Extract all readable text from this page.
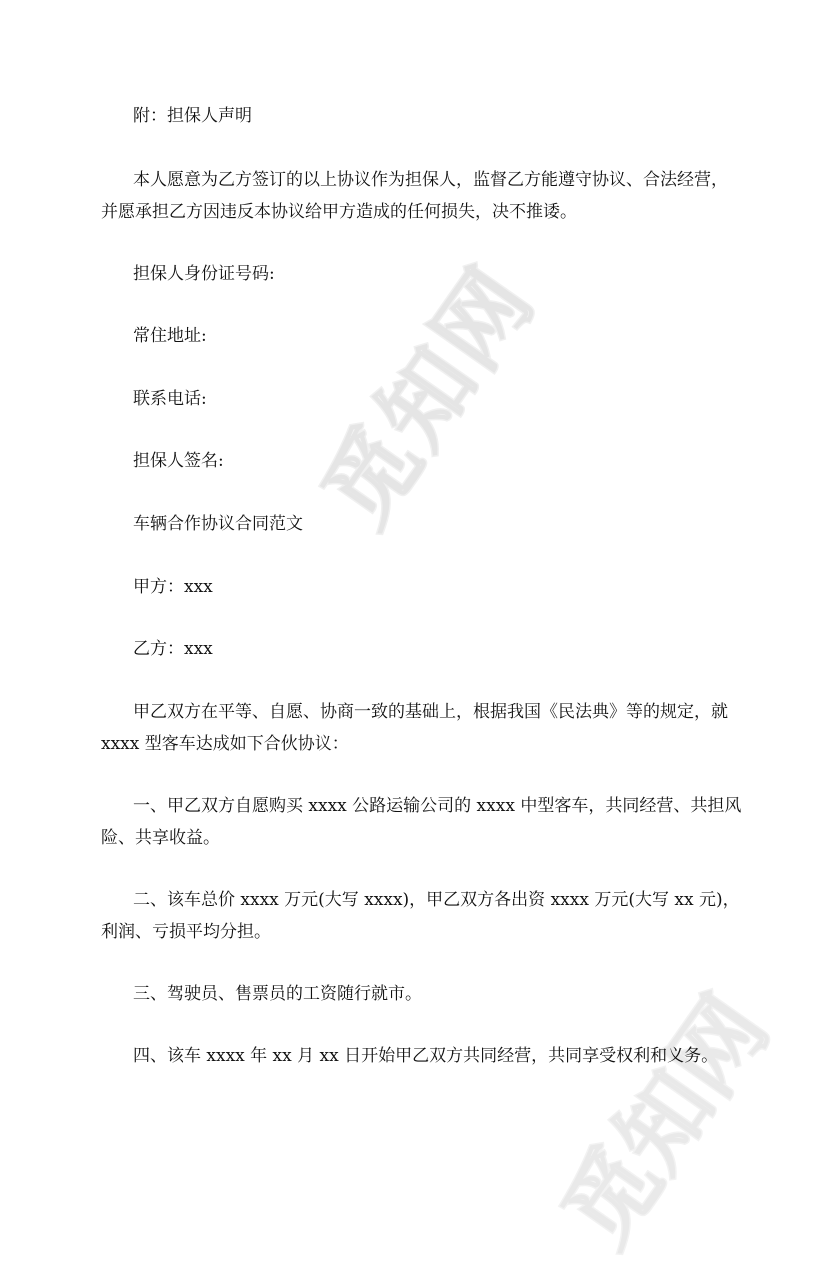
觅知网
觅知网
附：担保人声明
本人愿意为乙方签订的以上协议作为担保人，监督乙方能遵守协议、合法经营，
并愿承担乙方因违反本协议给甲方造成的任何损失，决不推诿。
担保人身份证号码:
常住地址:
联系电话:
担保人签名:
车辆合作协议合同范文
甲方：xxx
乙方：xxx
甲乙双方在平等、自愿、协商一致的基础上，根据我国《民法典》等的规定，就
xxxx 型客车达成如下合伙协议：
一、甲乙双方自愿购买 xxxx 公路运输公司的 xxxx 中型客车，共同经营、共担风
险、共享收益。
二、该车总价 xxxx 万元(大写 xxxx)，甲乙双方各出资 xxxx 万元(大写 xx 元)，
利润、亏损平均分担。
三、驾驶员、售票员的工资随行就市。
四、该车 xxxx 年 xx 月 xx 日开始甲乙双方共同经营，共同享受权利和义务。
